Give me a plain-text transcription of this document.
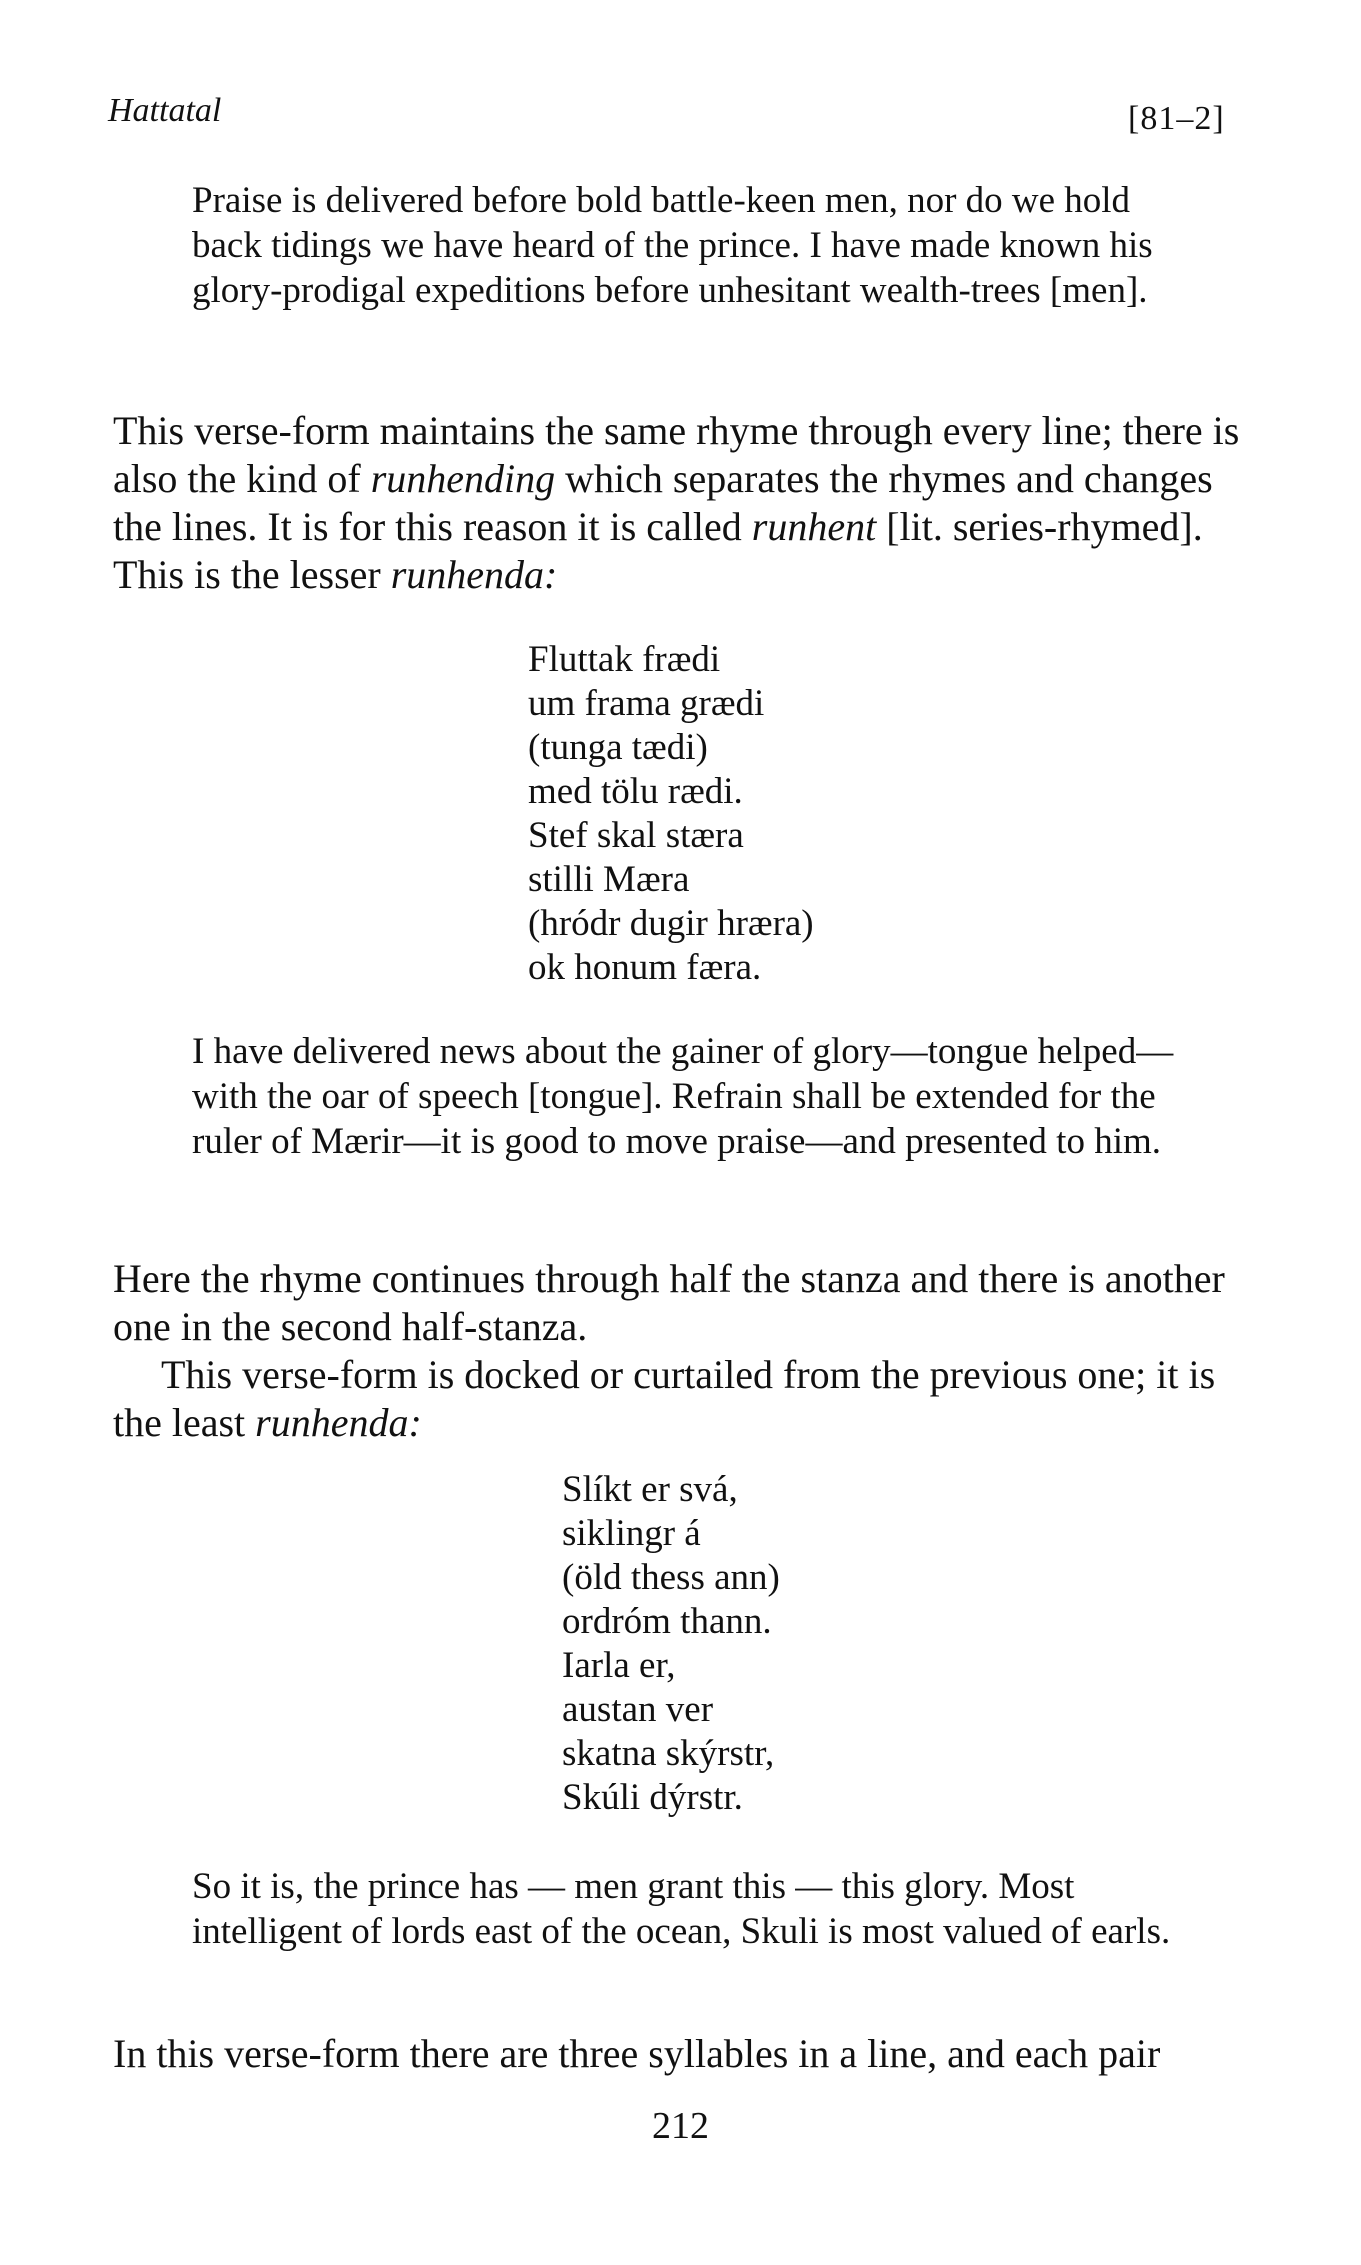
Hattatal	[81–2]

Praise is delivered before bold battle-keen men, nor do we hold back tidings we have heard of the prince. I have made known his glory-prodigal expeditions before unhesitant wealth-trees [men].

This verse-form maintains the same rhyme through every line; there is also the kind of runhending which separates the rhymes and changes the lines. It is for this reason it is called runhent [lit. series-rhymed]. This is the lesser runhenda:

Fluttak frædi
um frama grædi
(tunga tædi)
med tölu rædi.
Stef skal stæra
stilli Mæra
(hródr dugir hræra)
ok honum færa.

I have delivered news about the gainer of glory—tongue helped—with the oar of speech [tongue]. Refrain shall be extended for the ruler of Mærir—it is good to move praise—and presented to him.

Here the rhyme continues through half the stanza and there is another one in the second half-stanza.

This verse-form is docked or curtailed from the previous one; it is the least runhenda:

Slíkt er svá,
siklingr á
(öld thess ann)
ordróm thann.
Iarla er,
austan ver
skatna skýrstr,
Skúli dýrstr.

So it is, the prince has — men grant this — this glory. Most intelligent of lords east of the ocean, Skuli is most valued of earls.

In this verse-form there are three syllables in a line, and each pair

212
